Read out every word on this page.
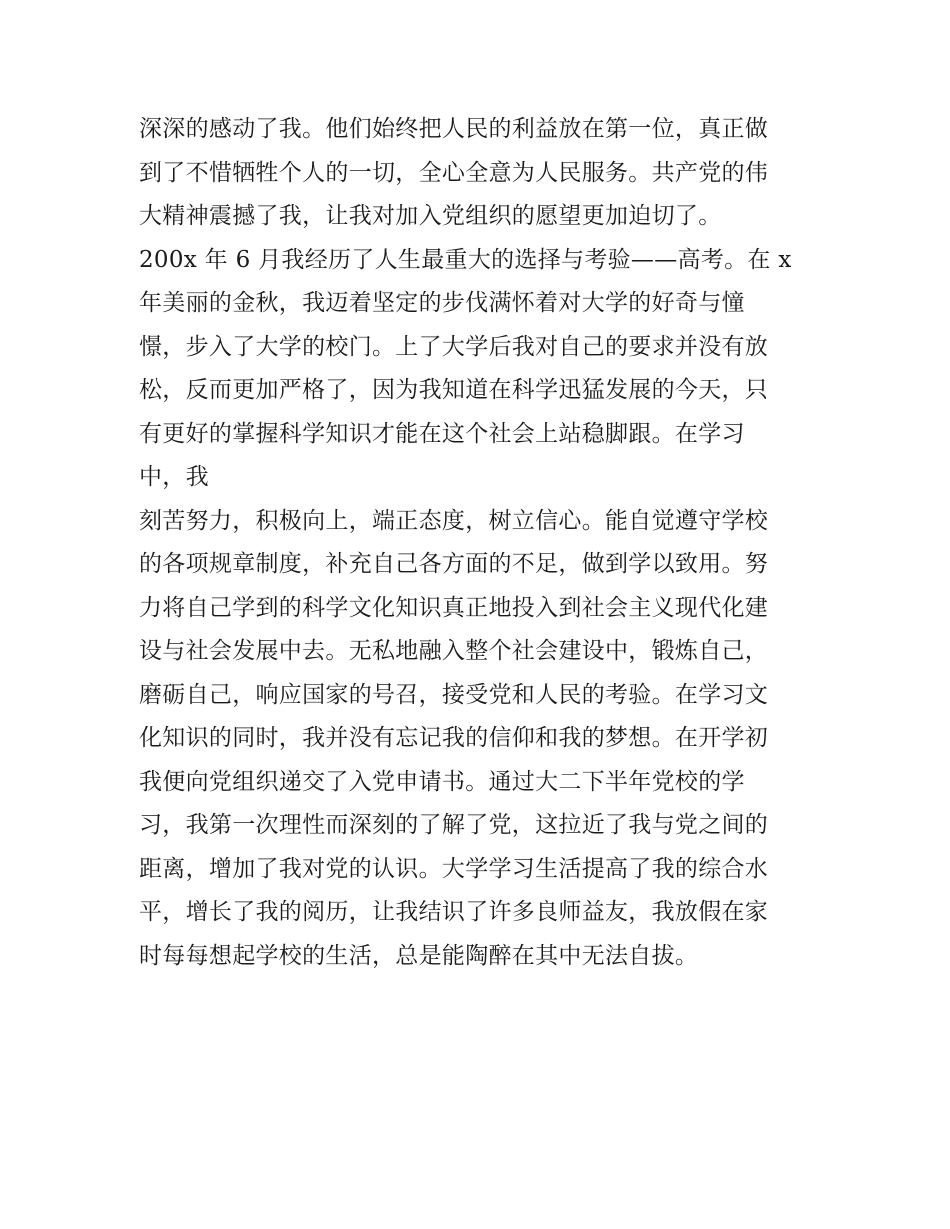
深深的感动了我。他们始终把人民的利益放在第一位，真正做
到了不惜牺牲个人的一切，全心全意为人民服务。共产党的伟
大精神震撼了我，让我对加入党组织的愿望更加迫切了。
200x 年 6 月我经历了人生最重大的选择与考验——高考。在 x
年美丽的金秋，我迈着坚定的步伐满怀着对大学的好奇与憧
憬，步入了大学的校门。上了大学后我对自己的要求并没有放
松，反而更加严格了，因为我知道在科学迅猛发展的今天，只
有更好的掌握科学知识才能在这个社会上站稳脚跟。在学习
中，我
刻苦努力，积极向上，端正态度，树立信心。能自觉遵守学校
的各项规章制度，补充自己各方面的不足，做到学以致用。努
力将自己学到的科学文化知识真正地投入到社会主义现代化建
设与社会发展中去。无私地融入整个社会建设中，锻炼自己，
磨砺自己，响应国家的号召，接受党和人民的考验。在学习文
化知识的同时，我并没有忘记我的信仰和我的梦想。在开学初
我便向党组织递交了入党申请书。通过大二下半年党校的学
习，我第一次理性而深刻的了解了党，这拉近了我与党之间的
距离，增加了我对党的认识。大学学习生活提高了我的综合水
平，增长了我的阅历，让我结识了许多良师益友，我放假在家
时每每想起学校的生活，总是能陶醉在其中无法自拔。
